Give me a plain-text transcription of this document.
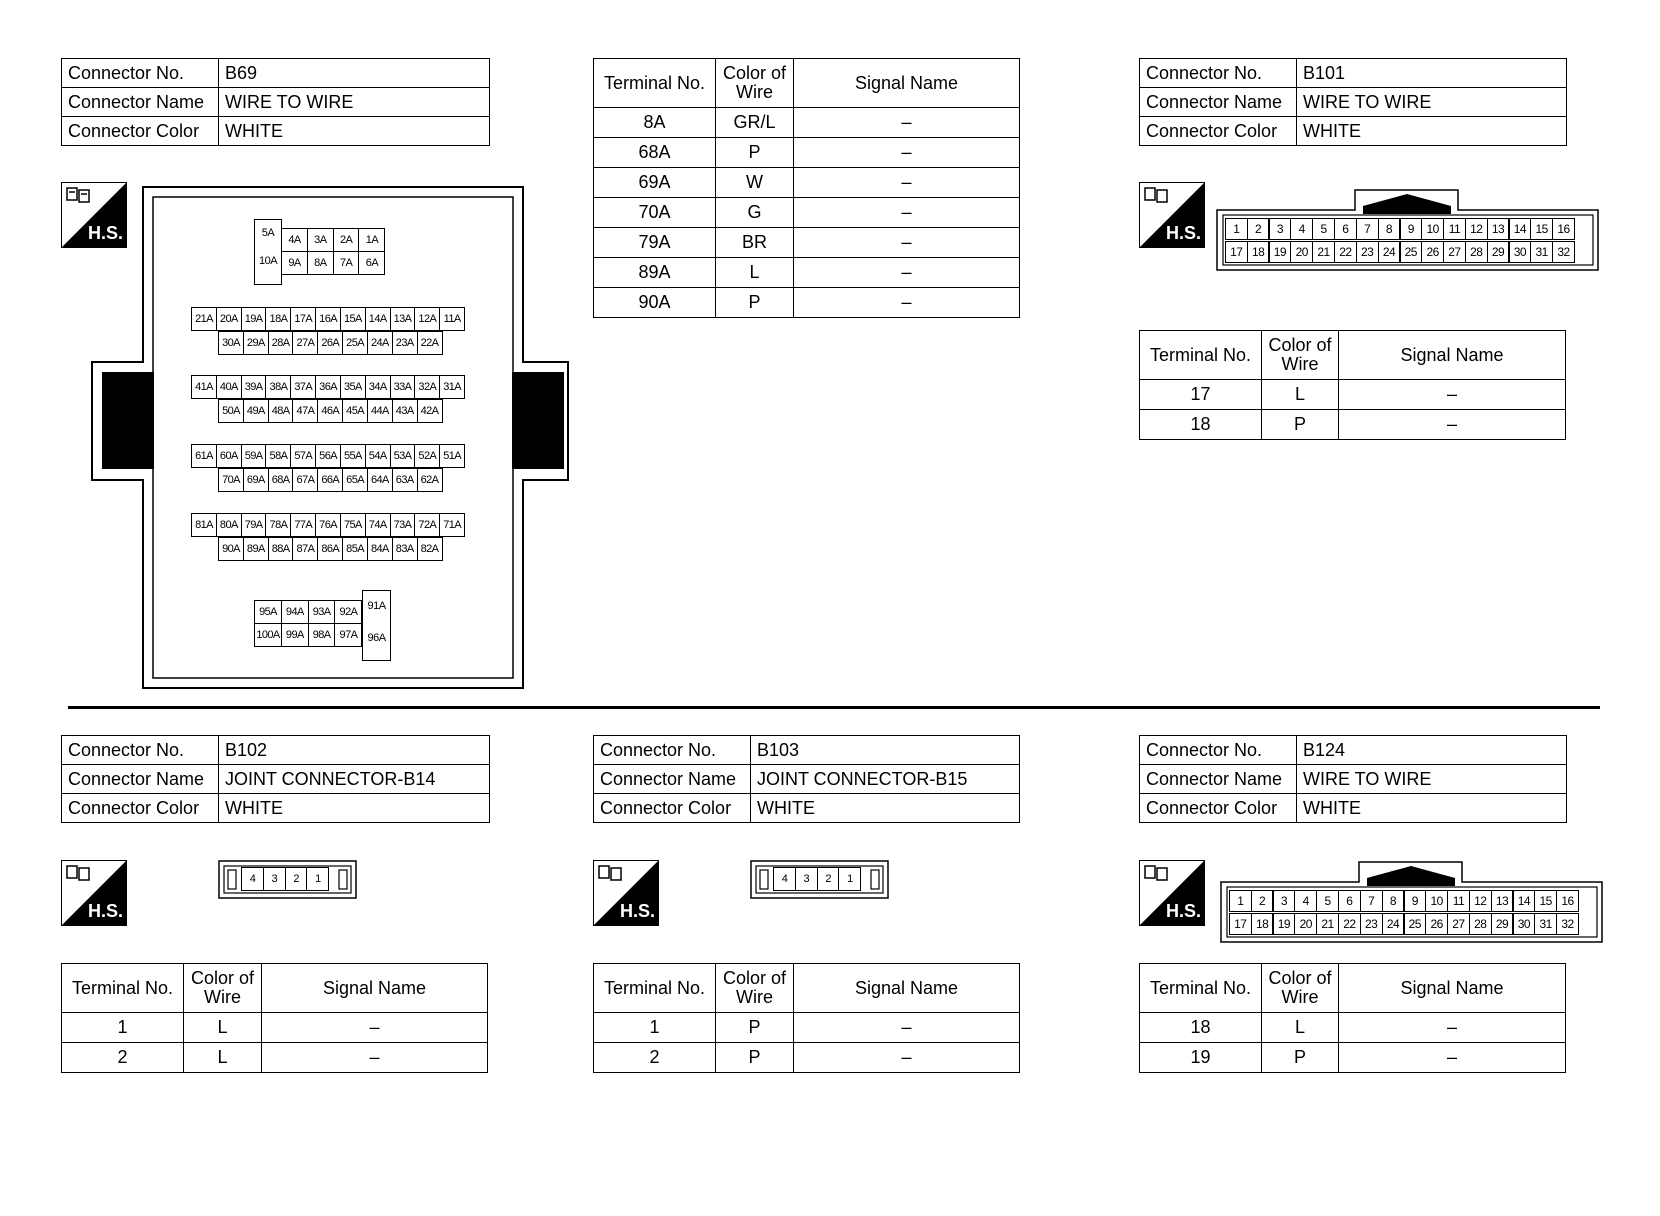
Connector No.	B69
Connector Name	WIRE TO WIRE
Connector Color	WHITE
H.S.	5A
10A
4A	3A	2A	1A
9A	8A	7A	6A
21A 20A 19A 18A 17A 16A 15A 14A 13A 12A 11A
30A 29A 28A 27A 26A 25A 24A 23A 22A
41A 40A 39A 38A 37A 36A 35A 34A 33A 32A 31A
50A 49A 48A 47A 46A 45A 44A 43A 42A
61A 60A 59A 58A 57A 56A 55A 54A 53A 52A 51A
70A 69A 68A 67A 66A 65A 64A 63A 62A
81A 80A 79A 78A 77A 76A 75A 74A 73A 72A 71A
90A 89A 88A 87A 86A 85A 84A 83A 82A
95A 94A 93A 92A
100A 99A 98A 97A
91A
96A
Terminal No.	Color of Wire	Signal Name
8A	GR/L	–
68A	P	–
69A	W	–
70A	G	–
79A	BR	–
89A	L	–
90A	P	–
Connector No.	B101
Connector Name	WIRE TO WIRE
Connector Color	WHITE
H.S.	1	2	3	4	5	6	7	8	9	10 11 12 13 14 15 16
17 18 19 20 21 22 23 24 25 26 27 28 29 30 31 32
Terminal No.	Color of Wire	Signal Name
17	L	–
18	P	–
Connector No.	B102
Connector Name	JOINT CONNECTOR-B14
Connector Color	WHITE
H.S.
4	3	2	1
Terminal No.	Color of Wire	Signal Name
1	L	–
2	L	–
Connector No.	B103
Connector Name	JOINT CONNECTOR-B15
Connector Color	WHITE
H.S.
4	3	2	1
Terminal No.	Color of Wire	Signal Name
1	P	–
2	P	–
Connector No.	B124
Connector Name	WIRE TO WIRE
Connector Color	WHITE
H.S.	1	2	3	4	5	6	7	8	9	10 11 12 13 14 15 16
17 18 19 20 21 22 23 24 25 26 27 28 29 30 31 32
Terminal No.	Color of Wire	Signal Name
18	L	–
19	P	–
